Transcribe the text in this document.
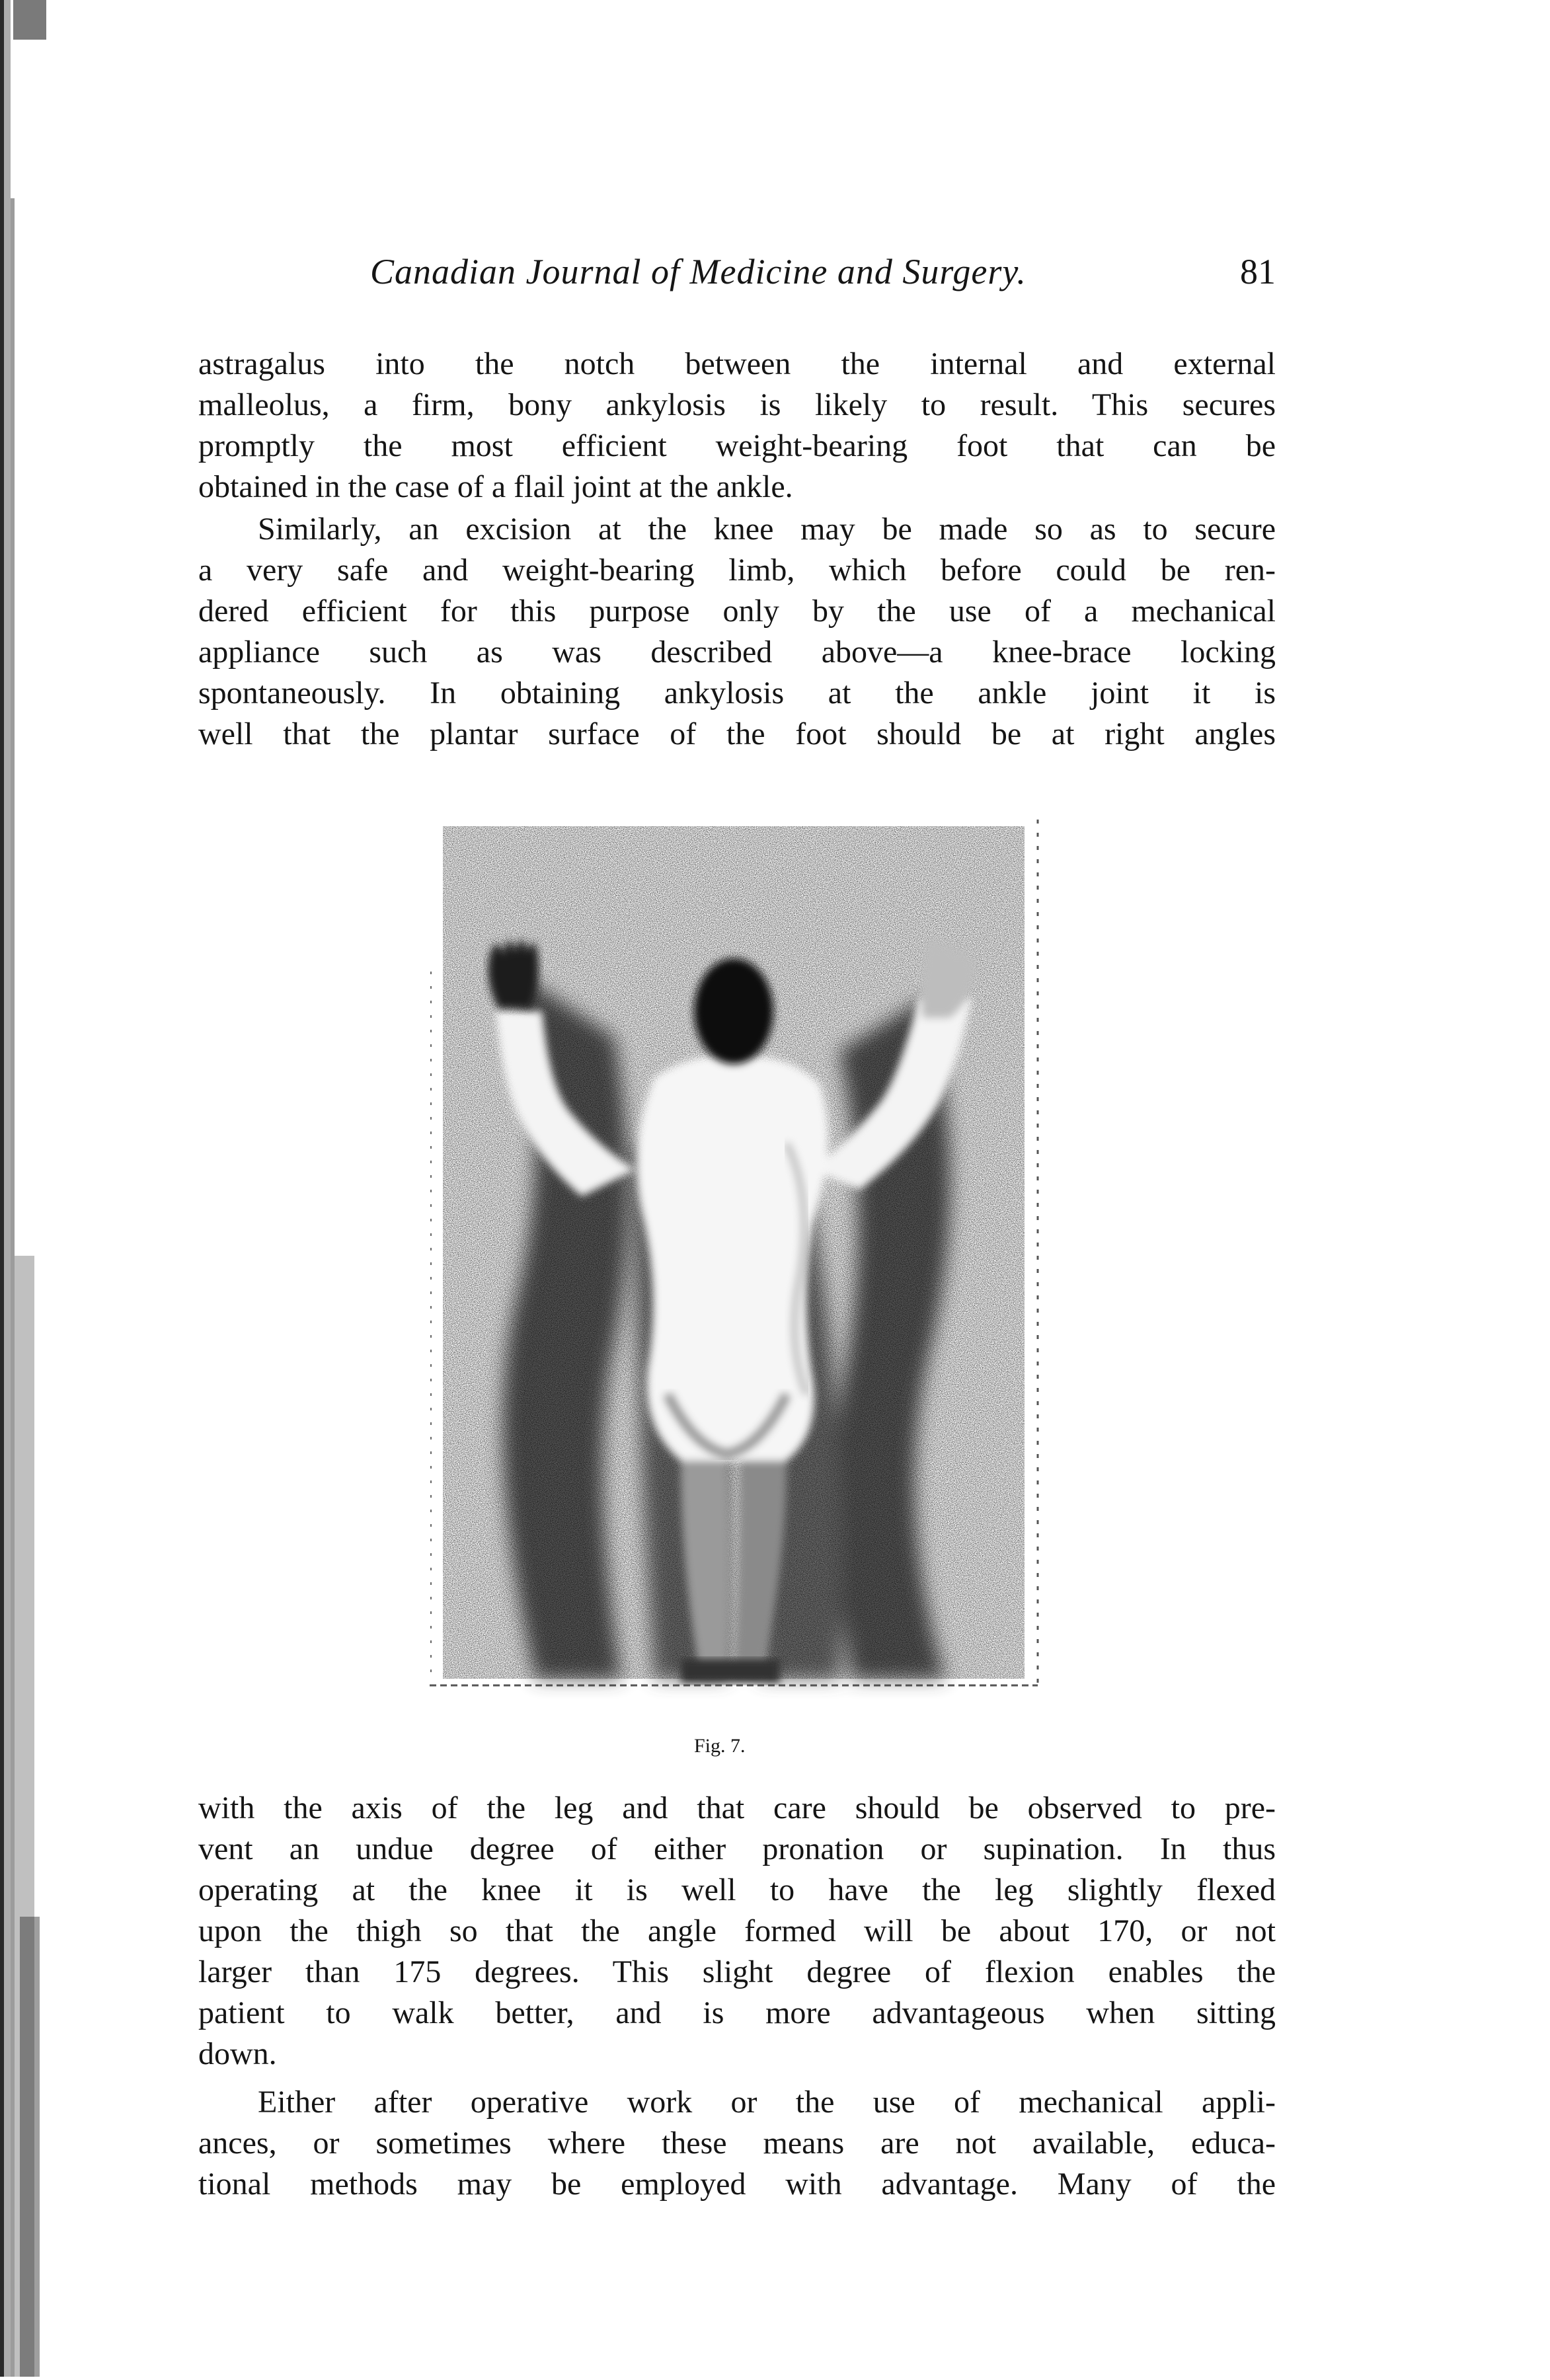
Canadian Journal of Medicine and Surgery.	81

astragalus into the notch between the internal and external
malleolus, a firm, bony ankylosis is likely to result. This secures
promptly the most efficient weight-bearing foot that can be
obtained in the case of a flail joint at the ankle.

Similarly, an excision at the knee may be made so as to secure
a very safe and weight-bearing limb, which before could be ren-
dered efficient for this purpose only by the use of a mechanical
appliance such as was described above—a knee-brace locking
spontaneously. In obtaining ankylosis at the ankle joint it is
well that the plantar surface of the foot should be at right angles

Fig. 7.

with the axis of the leg and that care should be observed to pre-
vent an undue degree of either pronation or supination. In thus
operating at the knee it is well to have the leg slightly flexed
upon the thigh so that the angle formed will be about 170, or not
larger than 175 degrees. This slight degree of flexion enables the
patient to walk better, and is more advantageous when sitting
down.

Either after operative work or the use of mechanical appli-
ances, or sometimes where these means are not available, educa-
tional methods may be employed with advantage. Many of the
